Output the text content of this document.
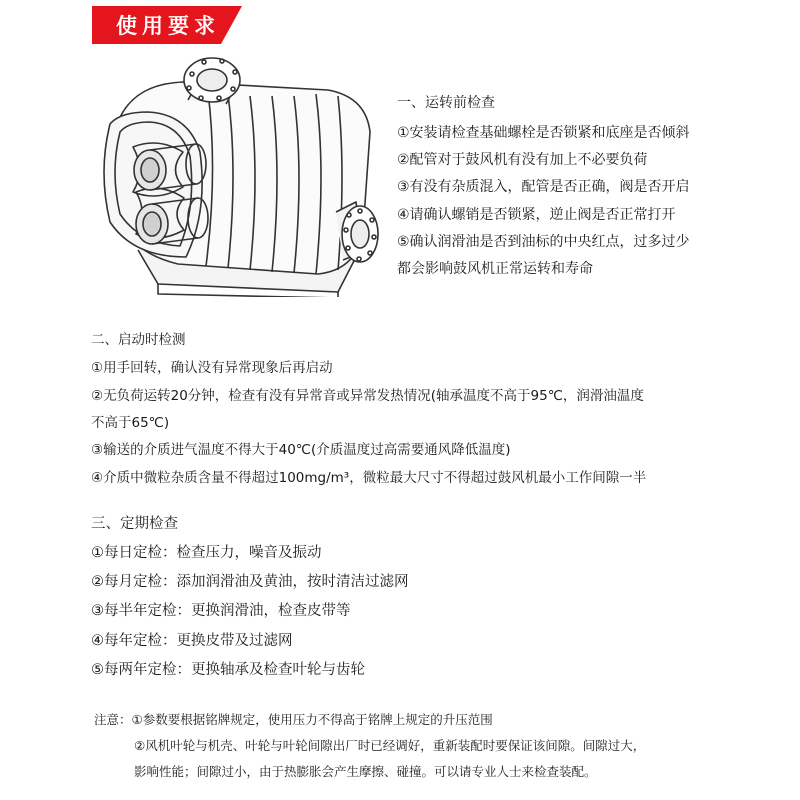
使用要求
一、运转前检查
①安装请检查基础螺栓是否锁紧和底座是否倾斜
②配管对于鼓风机有没有加上不必要负荷
③有没有杂质混入，配管是否正确，阀是否开启
④请确认螺销是否锁紧，逆止阀是否正常打开
⑤确认润滑油是否到油标的中央红点，过多过少
都会影响鼓风机正常运转和寿命
二、启动时检测
①用手回转，确认没有异常现象后再启动
②无负荷运转20分钟，检查有没有异常音或异常发热情况(轴承温度不高于95℃，润滑油温度
不高于65℃)
③输送的介质进气温度不得大于40℃(介质温度过高需要通风降低温度)
④介质中微粒杂质含量不得超过100mg/m³，微粒最大尺寸不得超过鼓风机最小工作间隙一半
三、定期检查
①每日定检：检查压力，噪音及振动
②每月定检：添加润滑油及黄油，按时清洁过滤网
③每半年定检：更换润滑油，检查皮带等
④每年定检：更换皮带及过滤网
⑤每两年定检：更换轴承及检查叶轮与齿轮
注意：①参数要根据铭牌规定，使用压力不得高于铭牌上规定的升压范围
②风机叶轮与机壳、叶轮与叶轮间隙出厂时已经调好，重新装配时要保证该间隙。间隙过大，
影响性能；间隙过小，由于热膨胀会产生摩擦、碰撞。可以请专业人士来检查装配。
